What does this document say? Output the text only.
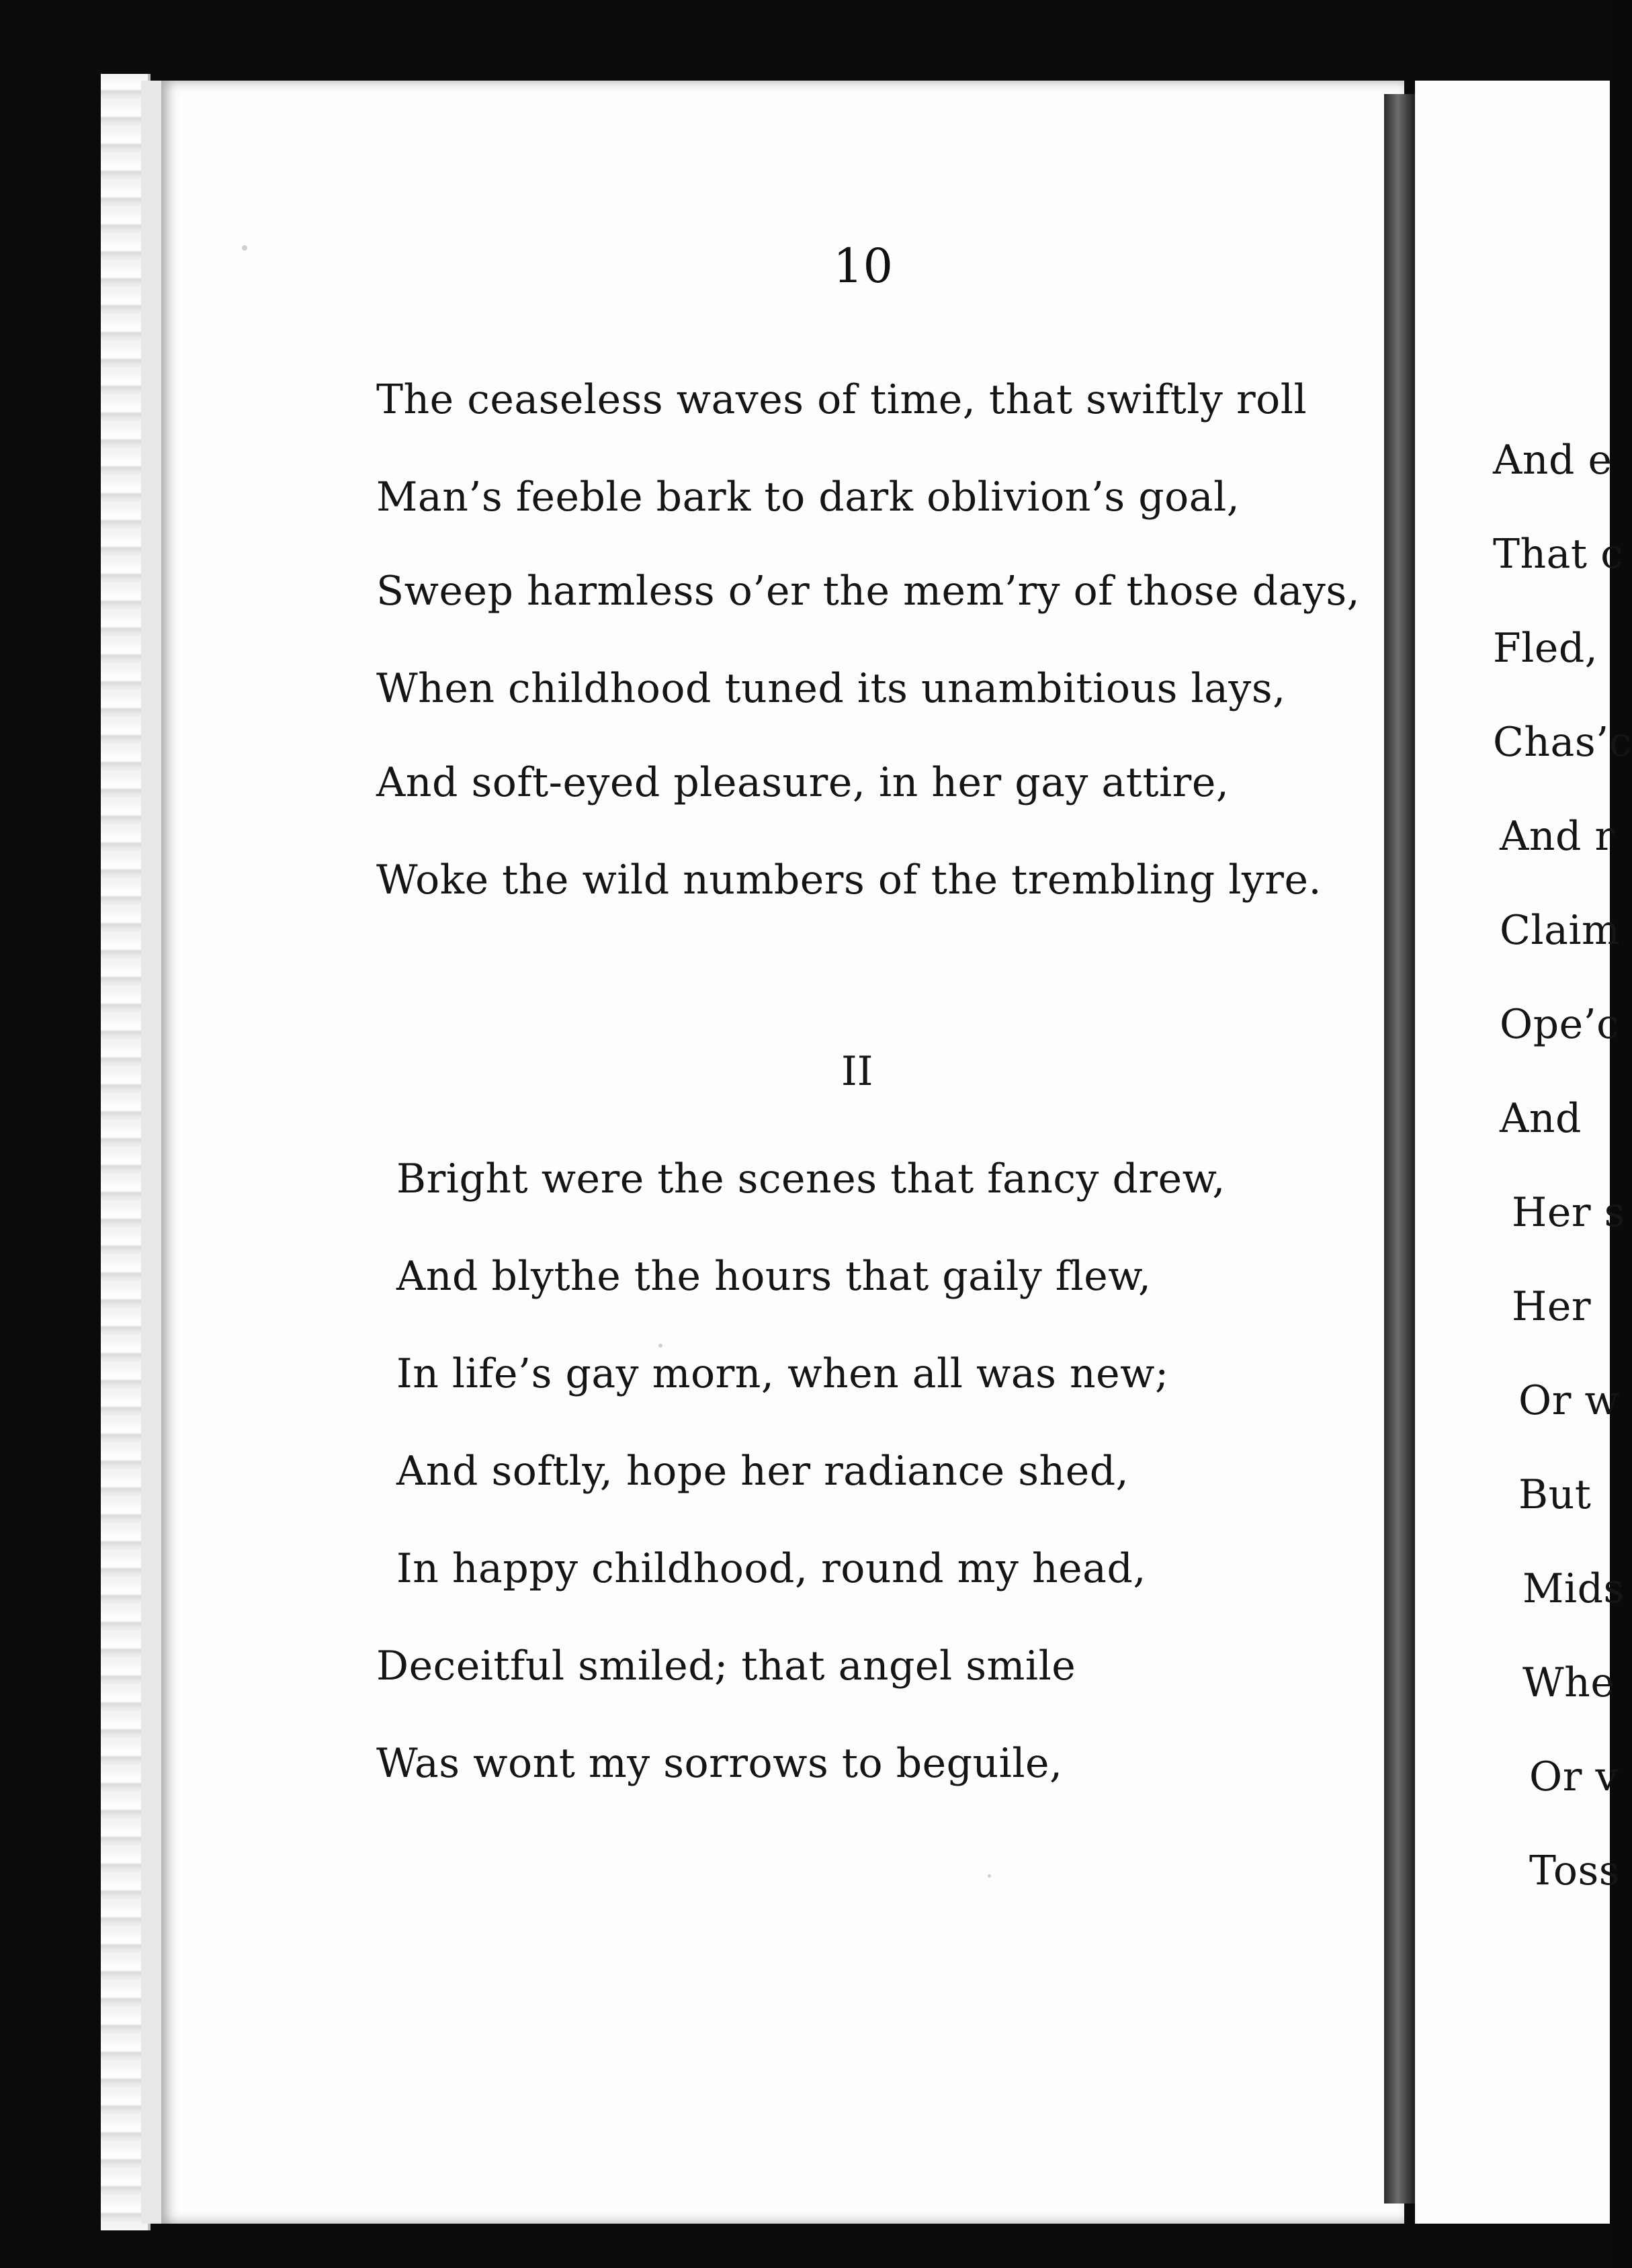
10
The ceaseless waves of time, that swiftly roll
Man’s feeble bark to dark oblivion’s goal,
Sweep harmless o’er the mem’ry of those days,
When childhood tuned its unambitious lays,
And soft-eyed pleasure, in her gay attire,
Woke the wild numbers of the trembling lyre.
II
Bright were the scenes that fancy drew,
And blythe the hours that gaily flew,
In life’s gay morn, when all was new;
And softly, hope her radiance shed,
In happy childhood, round my head,
Deceitful smiled; that angel smile
Was wont my sorrows to beguile,
And e
That c
Fled,
Chas’c
And r
Claim
Ope’c
And
Her s
Her
Or w
But
Mids
Whe
Or v
Toss
